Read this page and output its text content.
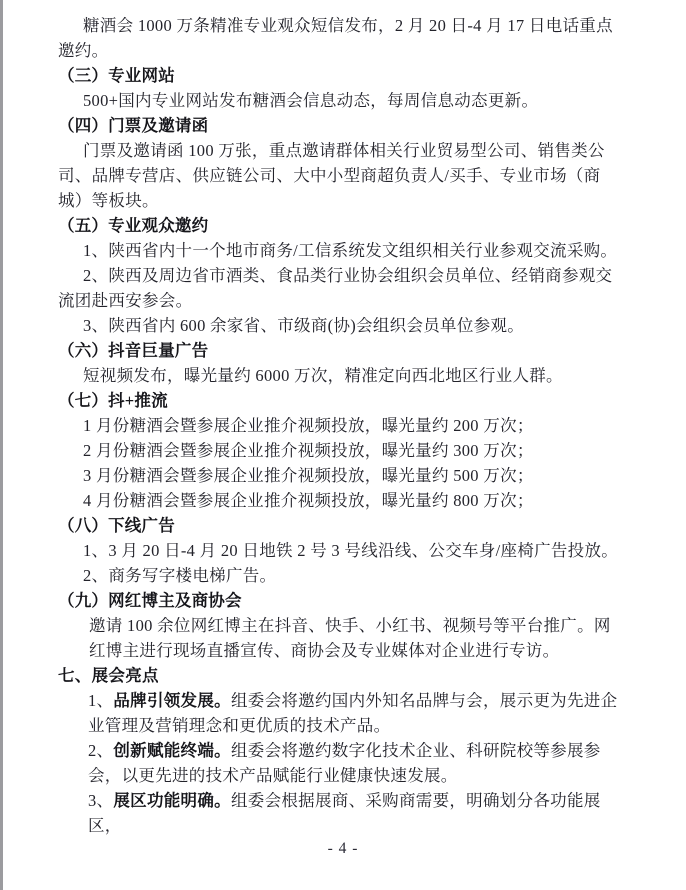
糖酒会 1000 万条精准专业观众短信发布，2 月 20 日-4 月 17 日电话重点邀约。

（三）专业网站

500+国内专业网站发布糖酒会信息动态，每周信息动态更新。

（四）门票及邀请函

门票及邀请函 100 万张，重点邀请群体相关行业贸易型公司、销售类公司、品牌专营店、供应链公司、大中小型商超负责人/买手、专业市场（商城）等板块。

（五）专业观众邀约

1、陕西省内十一个地市商务/工信系统发文组织相关行业参观交流采购。

2、陕西及周边省市酒类、食品类行业协会组织会员单位、经销商参观交流团赴西安参会。

3、陕西省内 600 余家省、市级商(协)会组织会员单位参观。

（六）抖音巨量广告

短视频发布，曝光量约 6000 万次，精准定向西北地区行业人群。

（七）抖+推流

1 月份糖酒会暨参展企业推介视频投放，曝光量约 200 万次；

2 月份糖酒会暨参展企业推介视频投放，曝光量约 300 万次；

3 月份糖酒会暨参展企业推介视频投放，曝光量约 500 万次；

4 月份糖酒会暨参展企业推介视频投放，曝光量约 800 万次；

（八）下线广告

1、3 月 20 日-4 月 20 日地铁 2 号 3 号线沿线、公交车身/座椅广告投放。

2、商务写字楼电梯广告。

（九）网红博主及商协会

邀请 100 余位网红博主在抖音、快手、小红书、视频号等平台推广。网红博主进行现场直播宣传、商协会及专业媒体对企业进行专访。

七、展会亮点

1、品牌引领发展。组委会将邀约国内外知名品牌与会，展示更为先进企业管理及营销理念和更优质的技术产品。

2、创新赋能终端。组委会将邀约数字化技术企业、科研院校等参展参会，以更先进的技术产品赋能行业健康快速发展。

3、展区功能明确。组委会根据展商、采购商需要，明确划分各功能展区，

- 4 -
